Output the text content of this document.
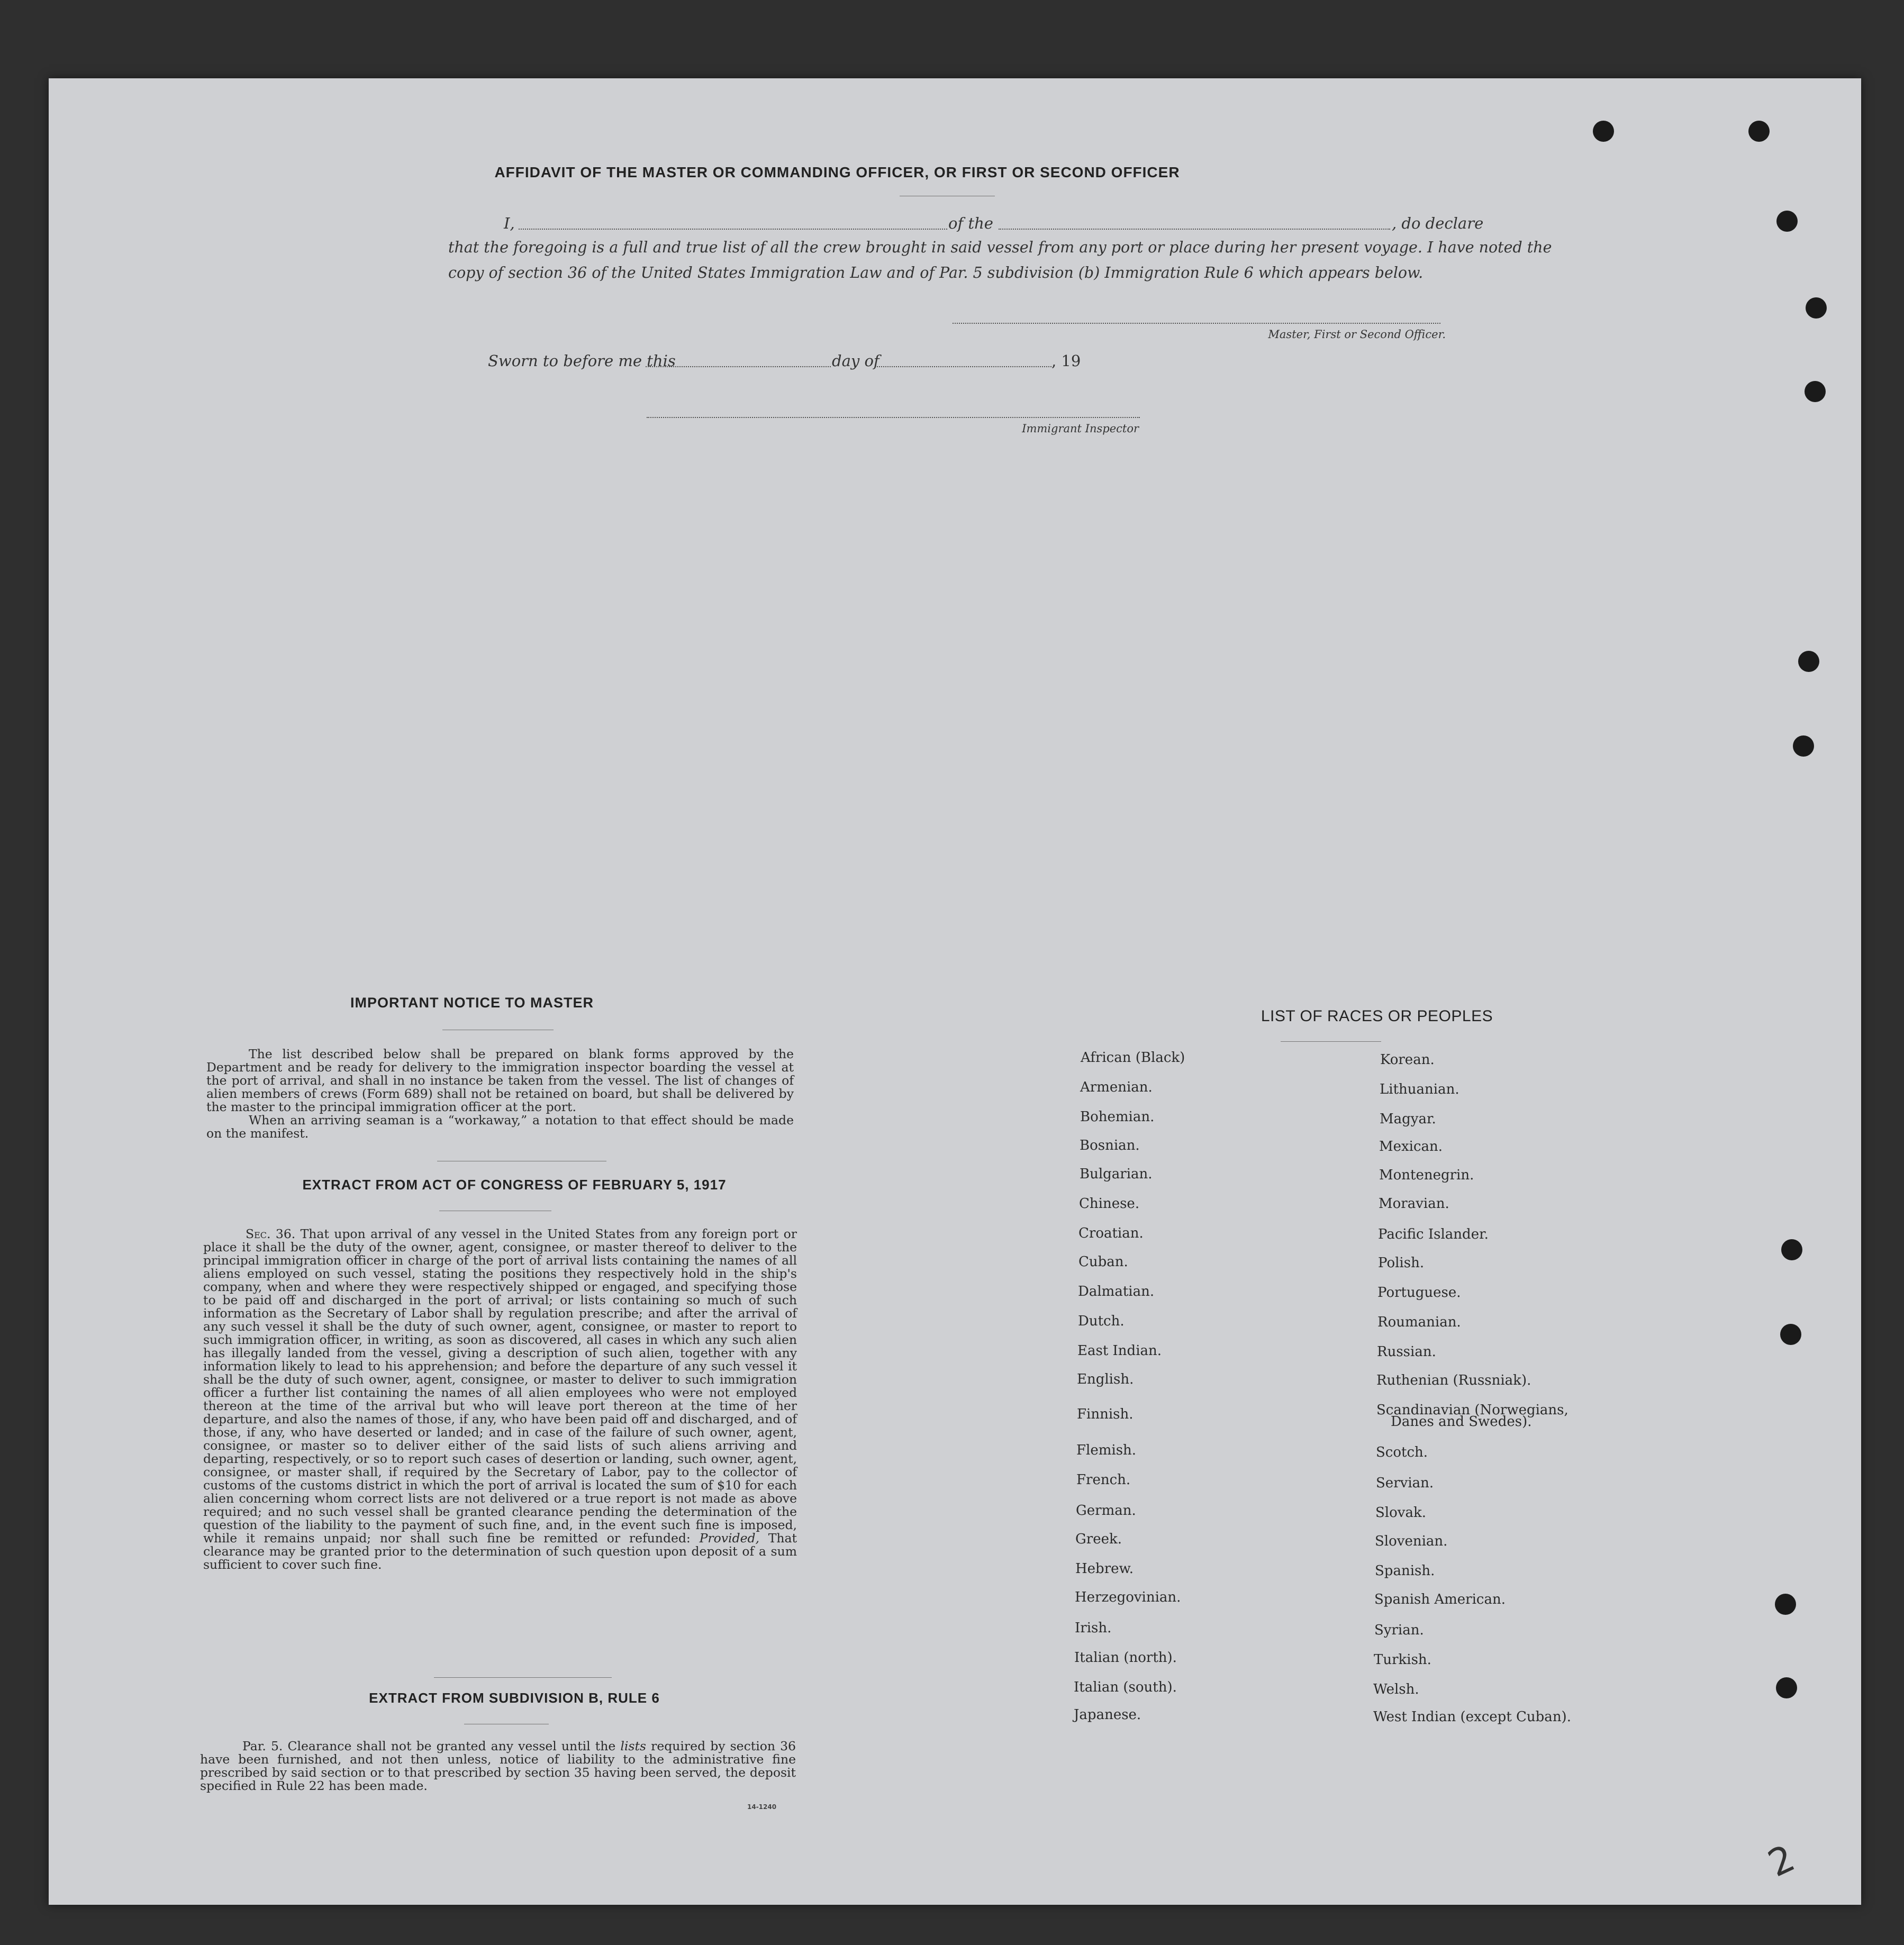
AFFIDAVIT OF THE MASTER OR COMMANDING OFFICER, OR FIRST OR SECOND OFFICER
I,	of the	, do declare
that the foregoing is a full and true list of all the crew brought in said vessel from any port or place during her present voyage. I have noted the
copy of section 36 of the United States Immigration Law and of Par. 5 subdivision (b) Immigration Rule 6 which appears below.
Master, First or Second Officer.
Sworn to before me this	day of	, 19
Immigrant Inspector
IMPORTANT NOTICE TO MASTER

The list described below shall be prepared on blank forms approved by the Department and be ready for delivery to the immigration inspector boarding the vessel at the port of arrival, and shall in no instance be taken from the vessel. The list of changes of alien members of crews (Form 689) shall not be retained on board, but shall be delivered by the master to the principal immigration officer at the port.

When an arriving seaman is a “workaway,” a notation to that effect should be made on the manifest.

EXTRACT FROM ACT OF CONGRESS OF FEBRUARY 5, 1917

Sec. 36. That upon arrival of any vessel in the United States from any foreign port or place it shall be the duty of the owner, agent, consignee, or master thereof to deliver to the principal immigration officer in charge of the port of arrival lists containing the names of all aliens employed on such vessel, stating the positions they respectively hold in the ship's company, when and where they were respectively shipped or engaged, and specifying those to be paid off and discharged in the port of arrival; or lists containing so much of such information as the Secretary of Labor shall by regulation prescribe; and after the arrival of any such vessel it shall be the duty of such owner, agent, consignee, or master to report to such immigration officer, in writing, as soon as discovered, all cases in which any such alien has illegally landed from the vessel, giving a description of such alien, together with any information likely to lead to his apprehension; and before the departure of any such vessel it shall be the duty of such owner, agent, consignee, or master to deliver to such immigration officer a further list containing the names of all alien employees who were not employed thereon at the time of the arrival but who will leave port thereon at the time of her departure, and also the names of those, if any, who have been paid off and discharged, and of those, if any, who have deserted or landed; and in case of the failure of such owner, agent, consignee, or master so to deliver either of the said lists of such aliens arriving and departing, respectively, or so to report such cases of desertion or landing, such owner, agent, consignee, or master shall, if required by the Secretary of Labor, pay to the collector of customs of the customs district in which the port of arrival is located the sum of $10 for each alien concerning whom correct lists are not delivered or a true report is not made as above required; and no such vessel shall be granted clearance pending the determination of the question of the liability to the payment of such fine, and, in the event such fine is imposed, while it remains unpaid; nor shall such fine be remitted or refunded: Provided, That clearance may be granted prior to the determination of such question upon deposit of a sum sufficient to cover such fine.

EXTRACT FROM SUBDIVISION B, RULE 6

Par. 5. Clearance shall not be granted any vessel until the lists required by section 36 have been furnished, and not then unless, notice of liability to the administrative fine prescribed by said section or to that prescribed by section 35 having been served, the deposit specified in Rule 22 has been made.

14-1240
LIST OF RACES OR PEOPLES
Danes and Swedes).
2
African (Black)
Armenian.
Bohemian.
Bosnian.
Bulgarian.
Chinese.
Croatian.
Cuban.
Dalmatian.
Dutch.
East Indian.
English.
Finnish.
Flemish.
French.
German.
Greek.
Hebrew.
Herzegovinian.
Irish.
Italian (north).
Italian (south).
Japanese.
Korean.
Lithuanian.
Magyar.
Mexican.
Montenegrin.
Moravian.
Pacific Islander.
Polish.
Portuguese.
Roumanian.
Russian.
Ruthenian (Russniak).
Scandinavian (Norwegians,
Scotch.
Servian.
Slovak.
Slovenian.
Spanish.
Spanish American.
Syrian.
Turkish.
Welsh.
West Indian (except Cuban).
